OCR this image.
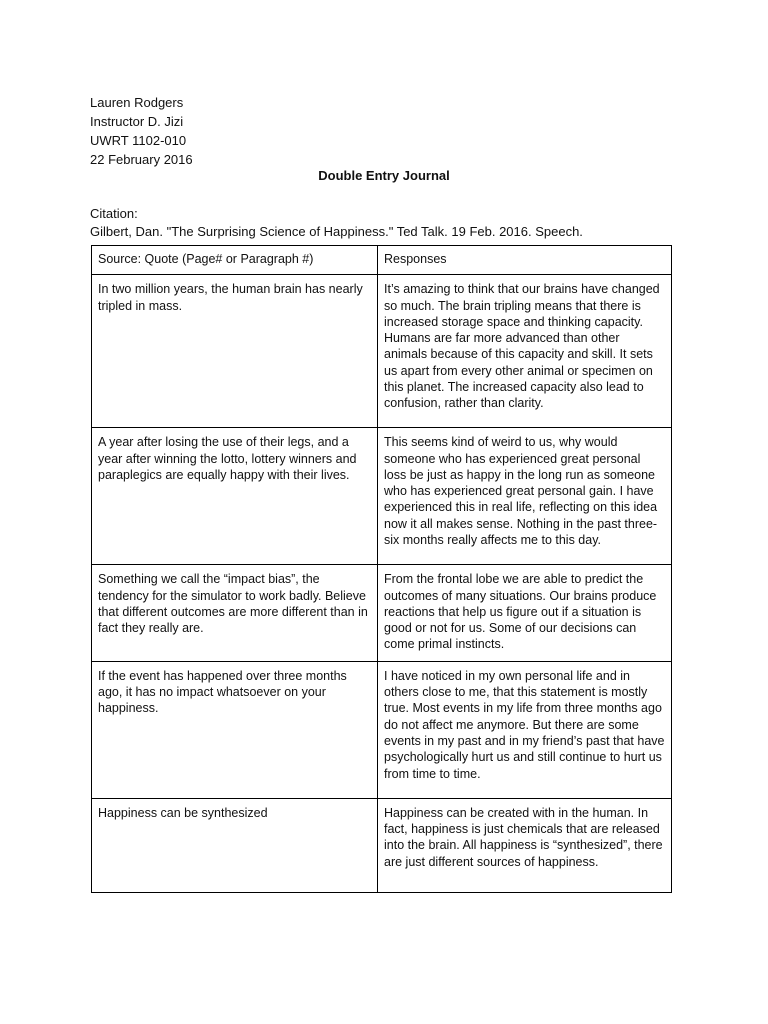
Lauren Rodgers
Instructor D. Jizi
UWRT 1102-010
22 February 2016
Double Entry Journal
Citation:
Gilbert, Dan. "The Surprising Science of Happiness." Ted Talk. 19 Feb. 2016. Speech.
Source: Quote (Page# or Paragraph #)	Responses
In two million years, the human brain has nearly tripled in mass.	It’s amazing to think that our brains have changed so much. The brain tripling means that there is increased storage space and thinking capacity. Humans are far more advanced than other animals because of this capacity and skill. It sets us apart from every other animal or specimen on this planet. The increased capacity also lead to confusion, rather than clarity.
A year after losing the use of their legs, and a year after winning the lotto, lottery winners and paraplegics are equally happy with their lives.	This seems kind of weird to us, why would someone who has experienced great personal loss be just as happy in the long run as someone who has experienced great personal gain. I have experienced this in real life, reflecting on this idea now it all makes sense. Nothing in the past three-six months really affects me to this day.
Something we call the “impact bias”, the tendency for the simulator to work badly. Believe that different outcomes are more different than in fact they really are.	From the frontal lobe we are able to predict the outcomes of many situations. Our brains produce reactions that help us figure out if a situation is good or not for us. Some of our decisions can come primal instincts.
If the event has happened over three months ago, it has no impact whatsoever on your happiness.	I have noticed in my own personal life and in others close to me, that this statement is mostly true. Most events in my life from three months ago do not affect me anymore. But there are some events in my past and in my friend’s past that have psychologically hurt us and still continue to hurt us from time to time.
Happiness can be synthesized	Happiness can be created with in the human. In fact, happiness is just chemicals that are released into the brain. All happiness is “synthesized”, there are just different sources of happiness.
